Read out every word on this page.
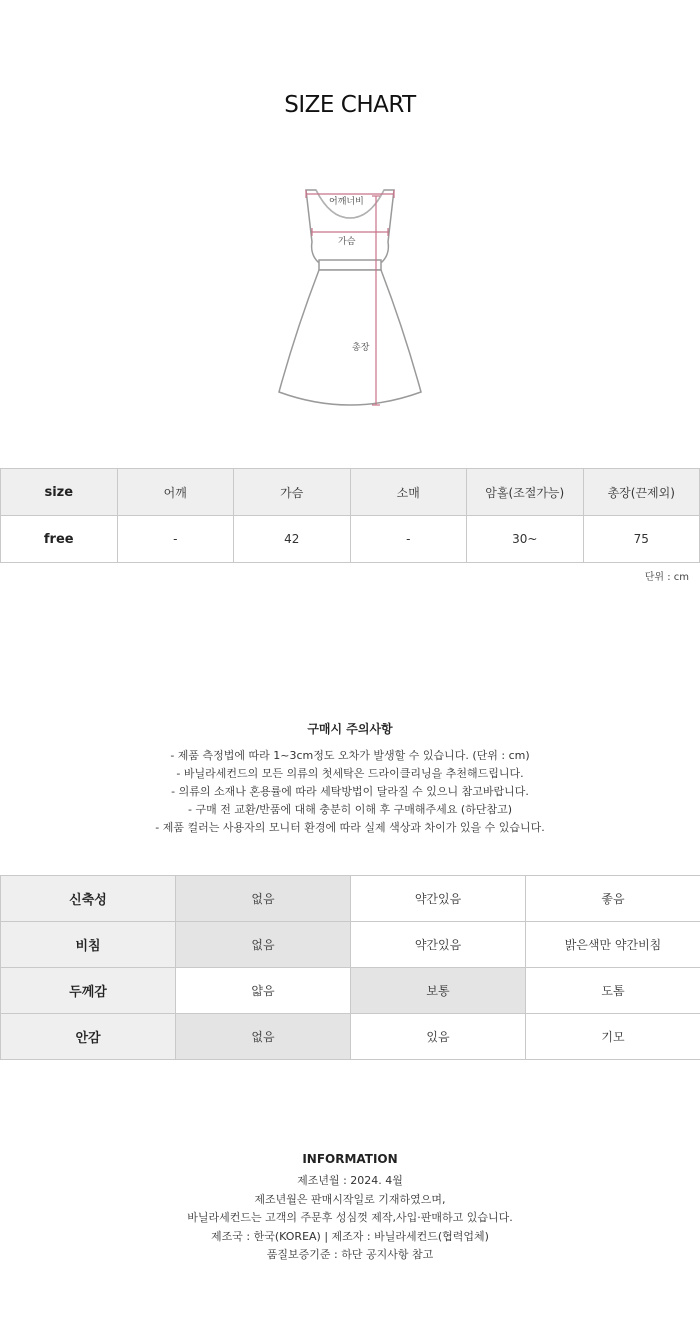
SIZE CHART
어깨너비
가슴
총장
size	어깨	가슴	소매	암홀(조절가능)	총장(끈제외)
free	-	42	-	30~	75
단위 : cm
구매시 주의사항
- 제품 측정법에 따라 1~3cm정도 오차가 발생할 수 있습니다. (단위 : cm)
- 바닐라세컨드의 모든 의류의 첫세탁은 드라이클리닝을 추천해드립니다.
- 의류의 소재나 혼용률에 따라 세탁방법이 달라질 수 있으니 참고바랍니다.
- 구매 전 교환/반품에 대해 충분히 이해 후 구매해주세요 (하단참고)
- 제품 컬러는 사용자의 모니터 환경에 따라 실제 색상과 차이가 있을 수 있습니다.
신축성	없음	약간있음	좋음
비침	없음	약간있음	밝은색만 약간비침
두께감	얇음	보통	도톰
안감	없음	있음	기모
INFORMATION
제조년월 : 2024. 4월
제조년월은 판매시작일로 기재하였으며,
바닐라세컨드는 고객의 주문후 성심껏 제작,사입·판매하고 있습니다.
제조국 : 한국(KOREA) | 제조자 : 바닐라세컨드(협력업체)
품질보증기준 : 하단 공지사항 참고
